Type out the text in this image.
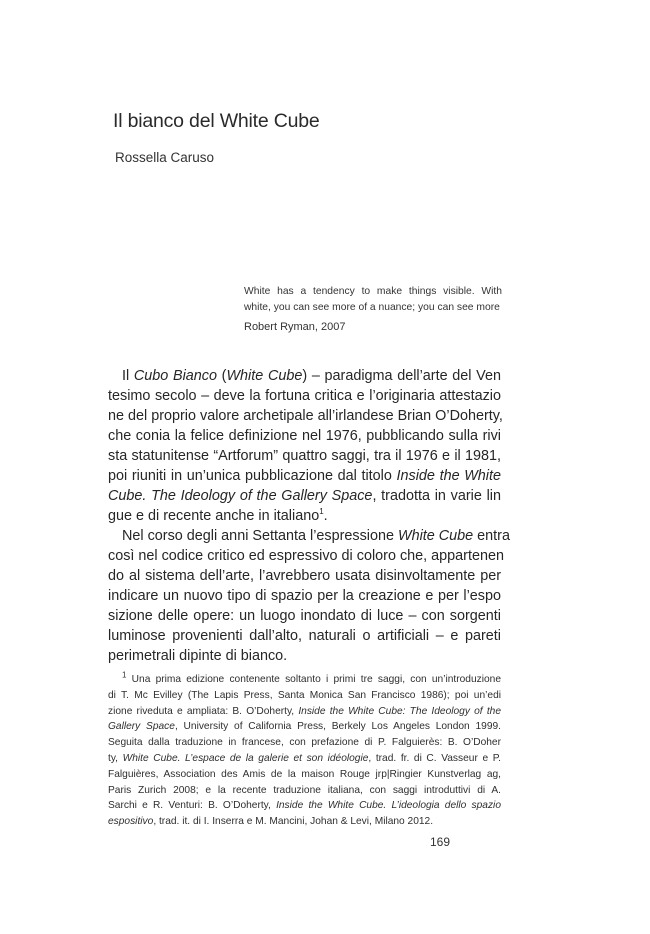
Il bianco del White Cube
Rossella Caruso
White has a tendency to make things visible. With
white, you can see more of a nuance; you can see more
Robert Ryman, 2007
Il Cubo Bianco (White Cube) – paradigma dell’arte del Ven
tesimo secolo – deve la fortuna critica e l’originaria attestazio
ne del proprio valore archetipale all’irlandese Brian O’Doherty,
che conia la felice definizione nel 1976, pubblicando sulla rivi
sta statunitense “Artforum” quattro saggi, tra il 1976 e il 1981,
poi riuniti in un’unica pubblicazione dal titolo Inside the White
Cube. The Ideology of the Gallery Space, tradotta in varie lin
gue e di recente anche in italiano$^1$.
Nel corso degli anni Settanta l’espressione White Cube entra
così nel codice critico ed espressivo di coloro che, appartenen
do al sistema dell’arte, l’avrebbero usata disinvoltamente per
indicare un nuovo tipo di spazio per la creazione e per l’espo
sizione delle opere: un luogo inondato di luce – con sorgenti
luminose provenienti dall’alto, naturali o artificiali – e pareti
perimetrali dipinte di bianco.
$^1$ Una prima edizione contenente soltanto i primi tre saggi, con un’introduzione
di T. Mc Evilley (The Lapis Press, Santa Monica San Francisco 1986); poi un’edi
zione riveduta e ampliata: B. O’Doherty, Inside the White Cube: The Ideology of the
Gallery Space, University of California Press, Berkely Los Angeles London 1999.
Seguita dalla traduzione in francese, con prefazione di P. Falguierès: B. O’Doher
ty, White Cube. L’espace de la galerie et son idéologie, trad. fr. di C. Vasseur e P.
Falguières, Association des Amis de la maison Rouge jrp|Ringier Kunstverlag ag,
Paris Zurich 2008; e la recente traduzione italiana, con saggi introduttivi di A.
Sarchi e R. Venturi: B. O’Doherty, Inside the White Cube. L’ideologia dello spazio
espositivo, trad. it. di I. Inserra e M. Mancini, Johan & Levi, Milano 2012.
169
